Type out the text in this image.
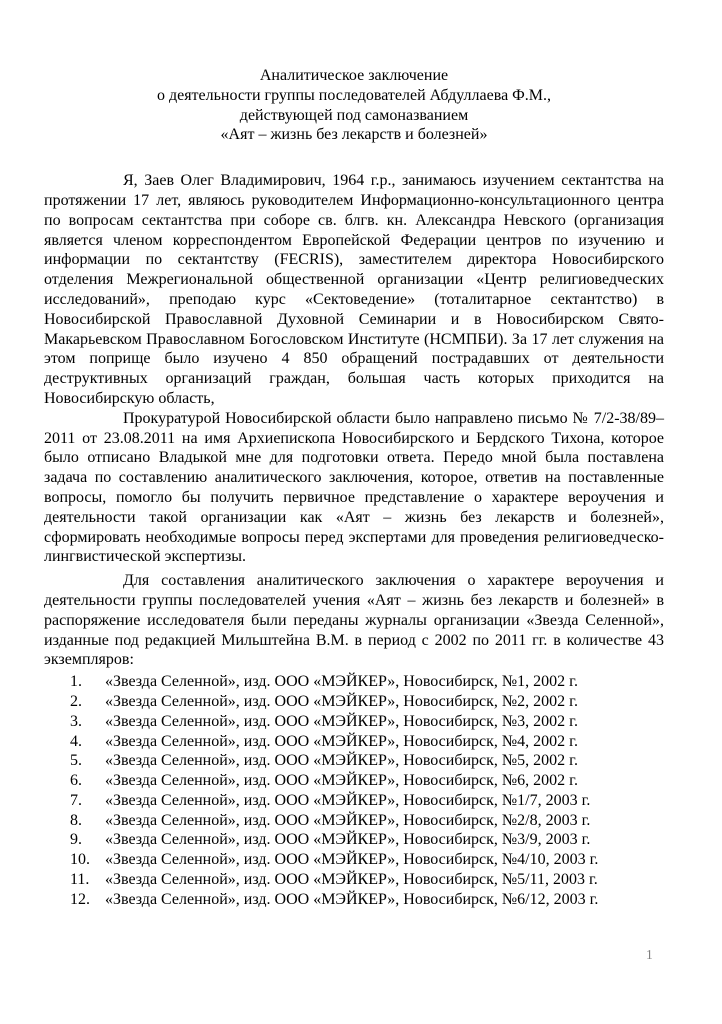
Аналитическое заключение

о деятельности группы последователей Абдуллаева Ф.М.,

действующей под самоназванием

«Аят – жизнь без лекарств и болезней»

Я, Заев Олег Владимирович, 1964 г.р., занимаюсь изучением сектантства на протяжении 17 лет, являюсь руководителем Информационно-консультационного центра по вопросам сектантства при соборе св. блгв. кн. Александра Невского (организация является членом корреспондентом Европейской Федерации центров по изучению и информации по сектантству (FECRIS), заместителем директора Новосибирского отделения Межрегиональной общественной организации «Центр религиоведческих исследований», преподаю курс «Сектоведение» (тоталитарное сектантство) в Новосибирской Православной Духовной Семинарии и в Новосибирском Свято-Макарьевском Православном Богословском Институте (НСМПБИ). За 17 лет служения на этом поприще было изучено 4 850 обращений пострадавших от деятельности деструктивных организаций граждан, большая часть которых приходится на Новосибирскую область,

Прокуратурой Новосибирской области было направлено письмо № 7/2-38/89–2011 от 23.08.2011 на имя Архиепископа Новосибирского и Бердского Тихона, которое было отписано Владыкой мне для подготовки ответа. Передо мной была поставлена задача по составлению аналитического заключения, которое, ответив на поставленные вопросы, помогло бы получить первичное представление о характере вероучения и деятельности такой организации как «Аят – жизнь без лекарств и болезней», сформировать необходимые вопросы перед экспертами для проведения религиоведческо-лингвистической экспертизы.

Для составления аналитического заключения о характере вероучения и деятельности группы последователей учения «Аят – жизнь без лекарств и болезней» в распоряжение исследователя были переданы журналы организации «Звезда Селенной», изданные под редакцией Мильштейна В.М. в период с 2002 по 2011 гг. в количестве 43 экземпляров:

1.	«Звезда Селенной», изд. ООО «МЭЙКЕР», Новосибирск, №1, 2002 г.
2.	«Звезда Селенной», изд. ООО «МЭЙКЕР», Новосибирск, №2, 2002 г.
3.	«Звезда Селенной», изд. ООО «МЭЙКЕР», Новосибирск, №3, 2002 г.
4.	«Звезда Селенной», изд. ООО «МЭЙКЕР», Новосибирск, №4, 2002 г.
5.	«Звезда Селенной», изд. ООО «МЭЙКЕР», Новосибирск, №5, 2002 г.
6.	«Звезда Селенной», изд. ООО «МЭЙКЕР», Новосибирск, №6, 2002 г.
7.	«Звезда Селенной», изд. ООО «МЭЙКЕР», Новосибирск, №1/7, 2003 г.
8.	«Звезда Селенной», изд. ООО «МЭЙКЕР», Новосибирск, №2/8, 2003 г.
9.	«Звезда Селенной», изд. ООО «МЭЙКЕР», Новосибирск, №3/9, 2003 г.
10. «Звезда Селенной», изд. ООО «МЭЙКЕР», Новосибирск, №4/10, 2003 г.
11. «Звезда Селенной», изд. ООО «МЭЙКЕР», Новосибирск, №5/11, 2003 г.
12. «Звезда Селенной», изд. ООО «МЭЙКЕР», Новосибирск, №6/12, 2003 г.
1
